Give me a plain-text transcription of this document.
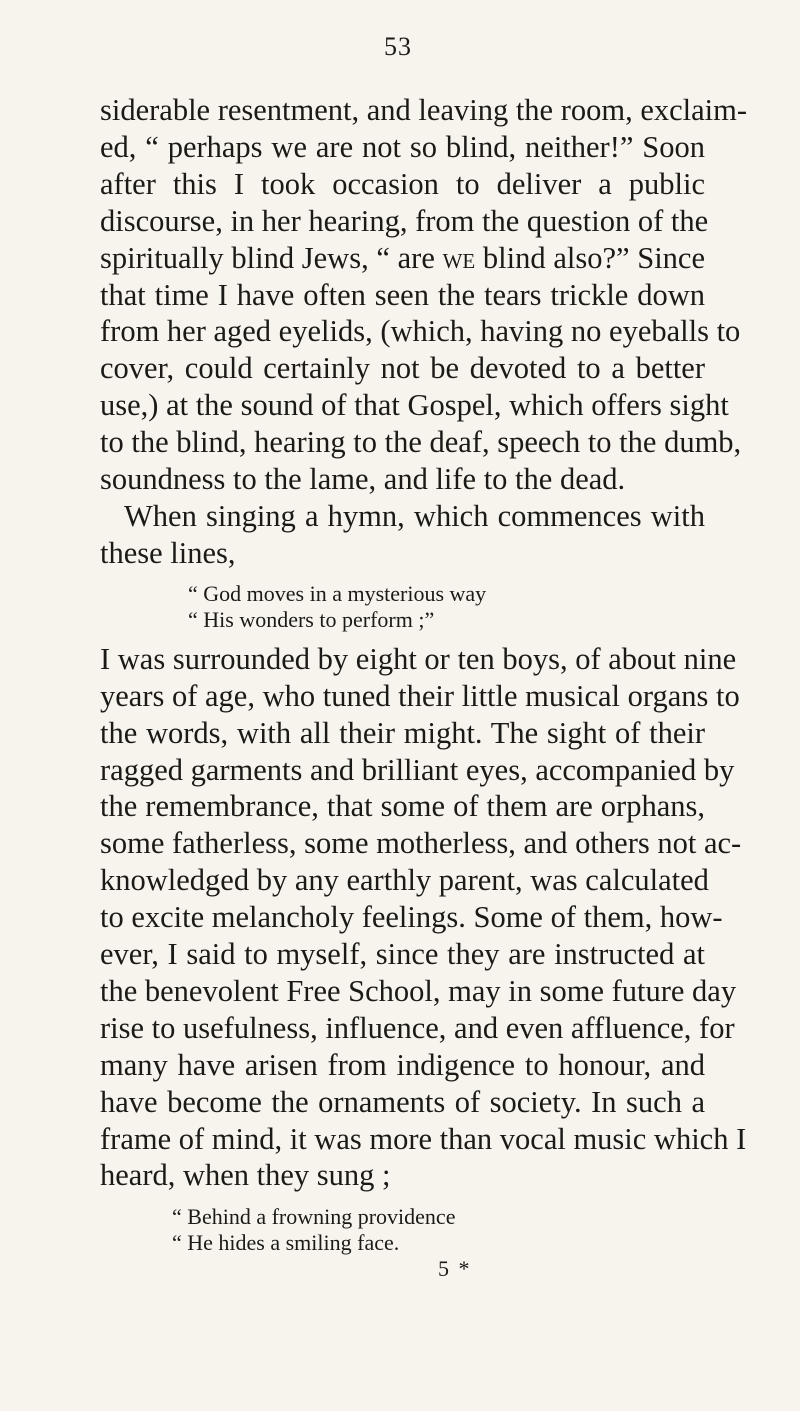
53
siderable resentment, and leaving the room, exclaim-
ed, “ perhaps we are not so blind, neither!” Soon
after this I took occasion to deliver a public
discourse, in her hearing, from the question of the
spiritually blind Jews, “ are we blind also?” Since
that time I have often seen the tears trickle down
from her aged eyelids, (which, having no eyeballs to
cover, could certainly not be devoted to a better
use,) at the sound of that Gospel, which offers sight
to the blind, hearing to the deaf, speech to the dumb,
soundness to the lame, and life to the dead.
When singing a hymn, which commences with
these lines,
“ God moves in a mysterious way
“ His wonders to perform ;”
I was surrounded by eight or ten boys, of about nine
years of age, who tuned their little musical organs to
the words, with all their might. The sight of their
ragged garments and brilliant eyes, accompanied by
the remembrance, that some of them are orphans,
some fatherless, some motherless, and others not ac-
knowledged by any earthly parent, was calculated
to excite melancholy feelings. Some of them, how-
ever, I said to myself, since they are instructed at
the benevolent Free School, may in some future day
rise to usefulness, influence, and even affluence, for
many have arisen from indigence to honour, and
have become the ornaments of society. In such a
frame of mind, it was more than vocal music which I
heard, when they sung ;
“ Behind a frowning providence
“ He hides a smiling face.
5 *
